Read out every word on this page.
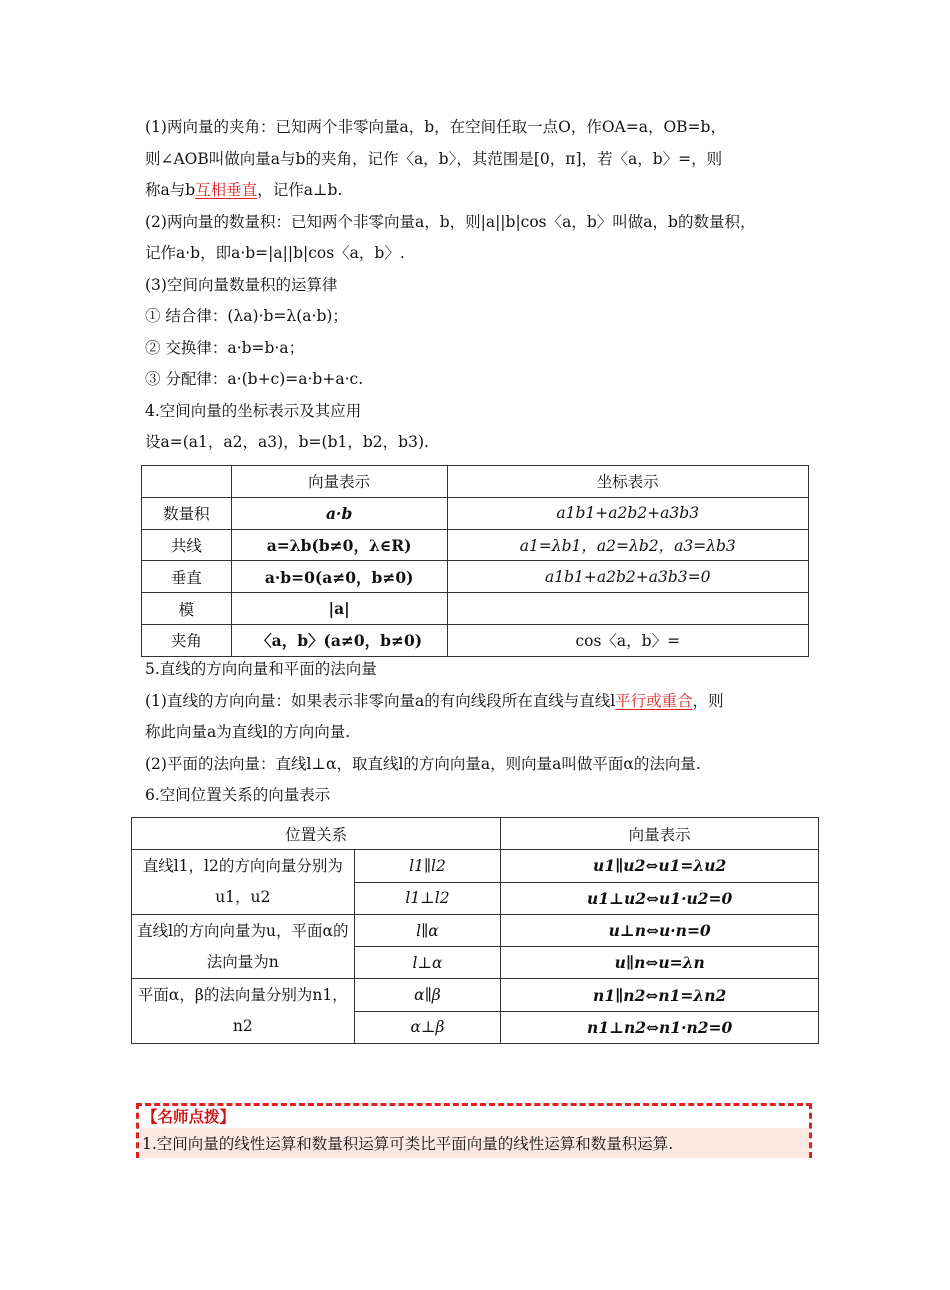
(1)两向量的夹角：已知两个非零向量a，b，在空间任取一点O，作OA=a，OB=b，
则∠AOB叫做向量a与b的夹角，记作〈a，b〉，其范围是[0，π]，若〈a，b〉=，则
称a与b互相垂直，记作a⊥b.
(2)两向量的数量积：已知两个非零向量a，b，则|a||b|cos〈a，b〉叫做a，b的数量积，
记作a·b，即a·b=|a||b|cos〈a，b〉.
(3)空间向量数量积的运算律
① 结合律：(λa)·b=λ(a·b)；
② 交换律：a·b=b·a；
③ 分配律：a·(b+c)=a·b+a·c.
4.空间向量的坐标表示及其应用
设a=(a1，a2，a3)，b=(b1，b2，b3).
	向量表示	坐标表示
数量积	a·b	a1b1+a2b2+a3b3
共线	a=λb(b≠0，λ∈R)	a1=λb1，a2=λb2，a3=λb3
垂直	a·b=0(a≠0，b≠0)	a1b1+a2b2+a3b3=0
模	|a|	
夹角	〈a，b〉(a≠0，b≠0)	cos〈a，b〉=
5.直线的方向向量和平面的法向量
(1)直线的方向向量：如果表示非零向量a的有向线段所在直线与直线l平行或重合，则
称此向量a为直线l的方向向量.
(2)平面的法向量：直线l⊥α，取直线l的方向向量a，则向量a叫做平面α的法向量.
6.空间位置关系的向量表示
位置关系		向量表示
直线l1，l2的方向向量分别为u1，u2	l1∥l2	u1∥u2⇔u1=λu2
	l1⊥l2	u1⊥u2⇔u1·u2=0
直线l的方向向量为u，平面α的法向量为n	l∥α	u⊥n⇔u·n=0
	l⊥α	u∥n⇔u=λn
平面α，β的法向量分别为n1，n2	α∥β	n1∥n2⇔n1=λn2
	α⊥β	n1⊥n2⇔n1·n2=0
【名师点拨】
1.空间向量的线性运算和数量积运算可类比平面向量的线性运算和数量积运算.
